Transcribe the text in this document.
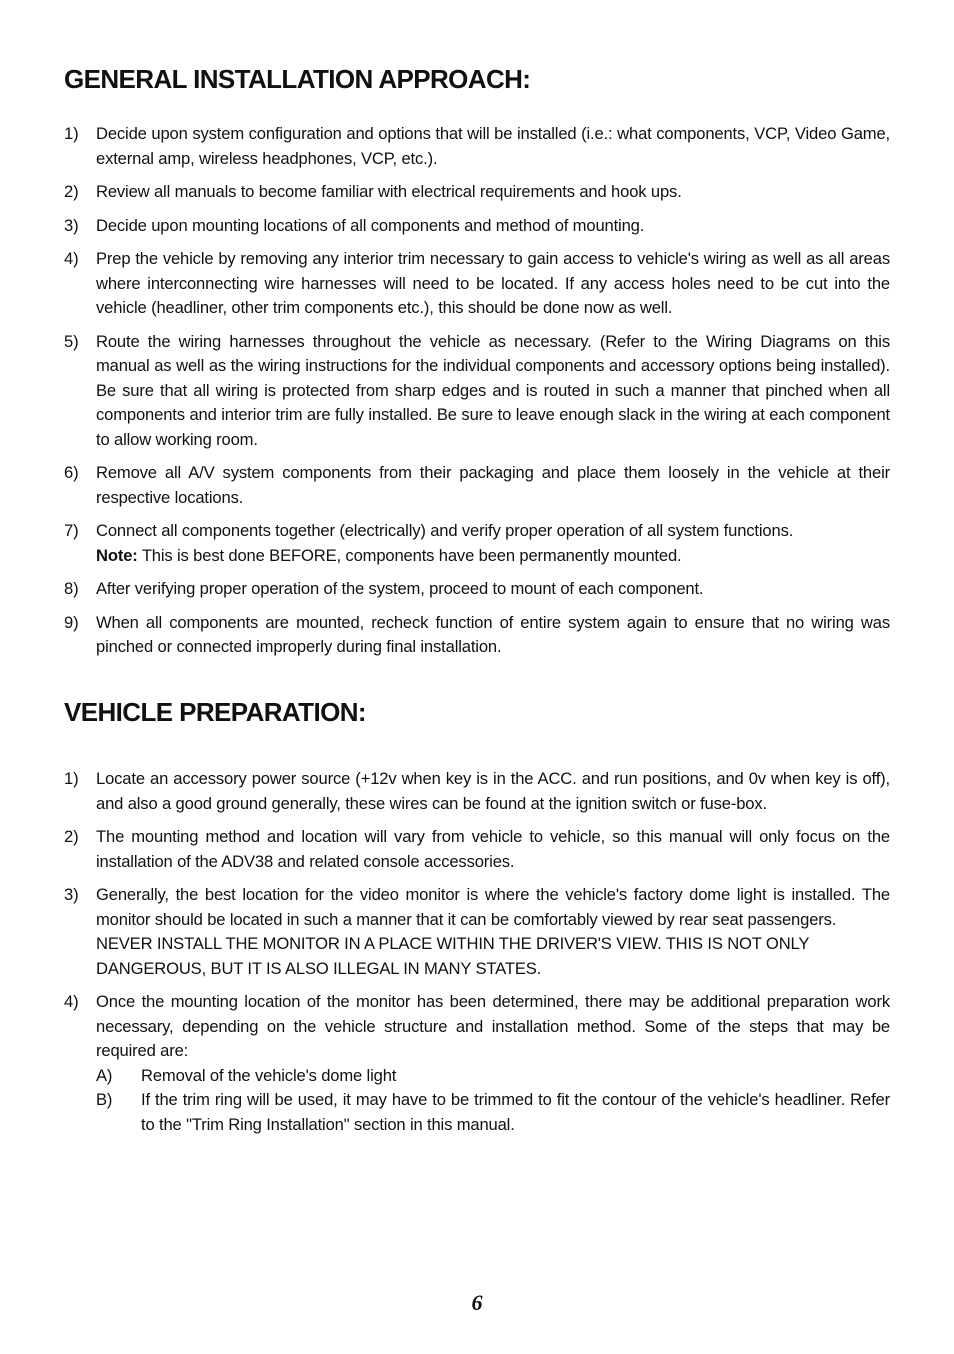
GENERAL INSTALLATION APPROACH:
1) Decide upon system configuration and options that will be installed (i.e.: what components, VCP, Video Game, external amp, wireless headphones, VCP, etc.).
2) Review all manuals to become familiar with electrical requirements and hook ups.
3) Decide upon mounting locations of all components and method of mounting.
4) Prep the vehicle by removing any interior trim necessary to gain access to vehicle's wiring as well as all areas where interconnecting wire harnesses will need to be located. If any access holes need to be cut into the vehicle (headliner, other trim components etc.), this should be done now as well.
5) Route the wiring harnesses throughout the vehicle as necessary. (Refer to the Wiring Diagrams on this manual as well as the wiring instructions for the individual components and accessory options being installed). Be sure that all wiring is protected from sharp edges and is routed in such a manner that pinched when all components and interior trim are fully installed. Be sure to leave enough slack in the wiring at each component to allow working room.
6) Remove all A/V system components from their packaging and place them loosely in the vehicle at their respective locations.
7) Connect all components together (electrically) and verify proper operation of all system functions.
Note: This is best done BEFORE, components have been permanently mounted.
8) After verifying proper operation of the system, proceed to mount of each component.
9) When all components are mounted, recheck function of entire system again to ensure that no wiring was pinched or connected improperly during final installation.
VEHICLE PREPARATION:
1) Locate an accessory power source (+12v when key is in the ACC. and run positions, and 0v when key is off), and also a good ground generally, these wires can be found at the ignition switch or fuse-box.
2) The mounting method and location will vary from vehicle to vehicle, so this manual will only focus on the installation of the ADV38 and related console accessories.
3) Generally, the best location for the video monitor is where the vehicle's factory dome light is installed. The monitor should be located in such a manner that it can be comfortably viewed by rear seat passengers.
NEVER INSTALL THE MONITOR IN A PLACE WITHIN THE DRIVER'S VIEW. THIS IS NOT ONLY DANGEROUS, BUT IT IS ALSO ILLEGAL IN MANY STATES.
4) Once the mounting location of the monitor has been determined, there may be additional preparation work necessary, depending on the vehicle structure and installation method. Some of the steps that may be required are:
A) Removal of the vehicle's dome light
B) If the trim ring will be used, it may have to be trimmed to fit the contour of the vehicle's headliner. Refer to the "Trim Ring Installation" section in this manual.
6
